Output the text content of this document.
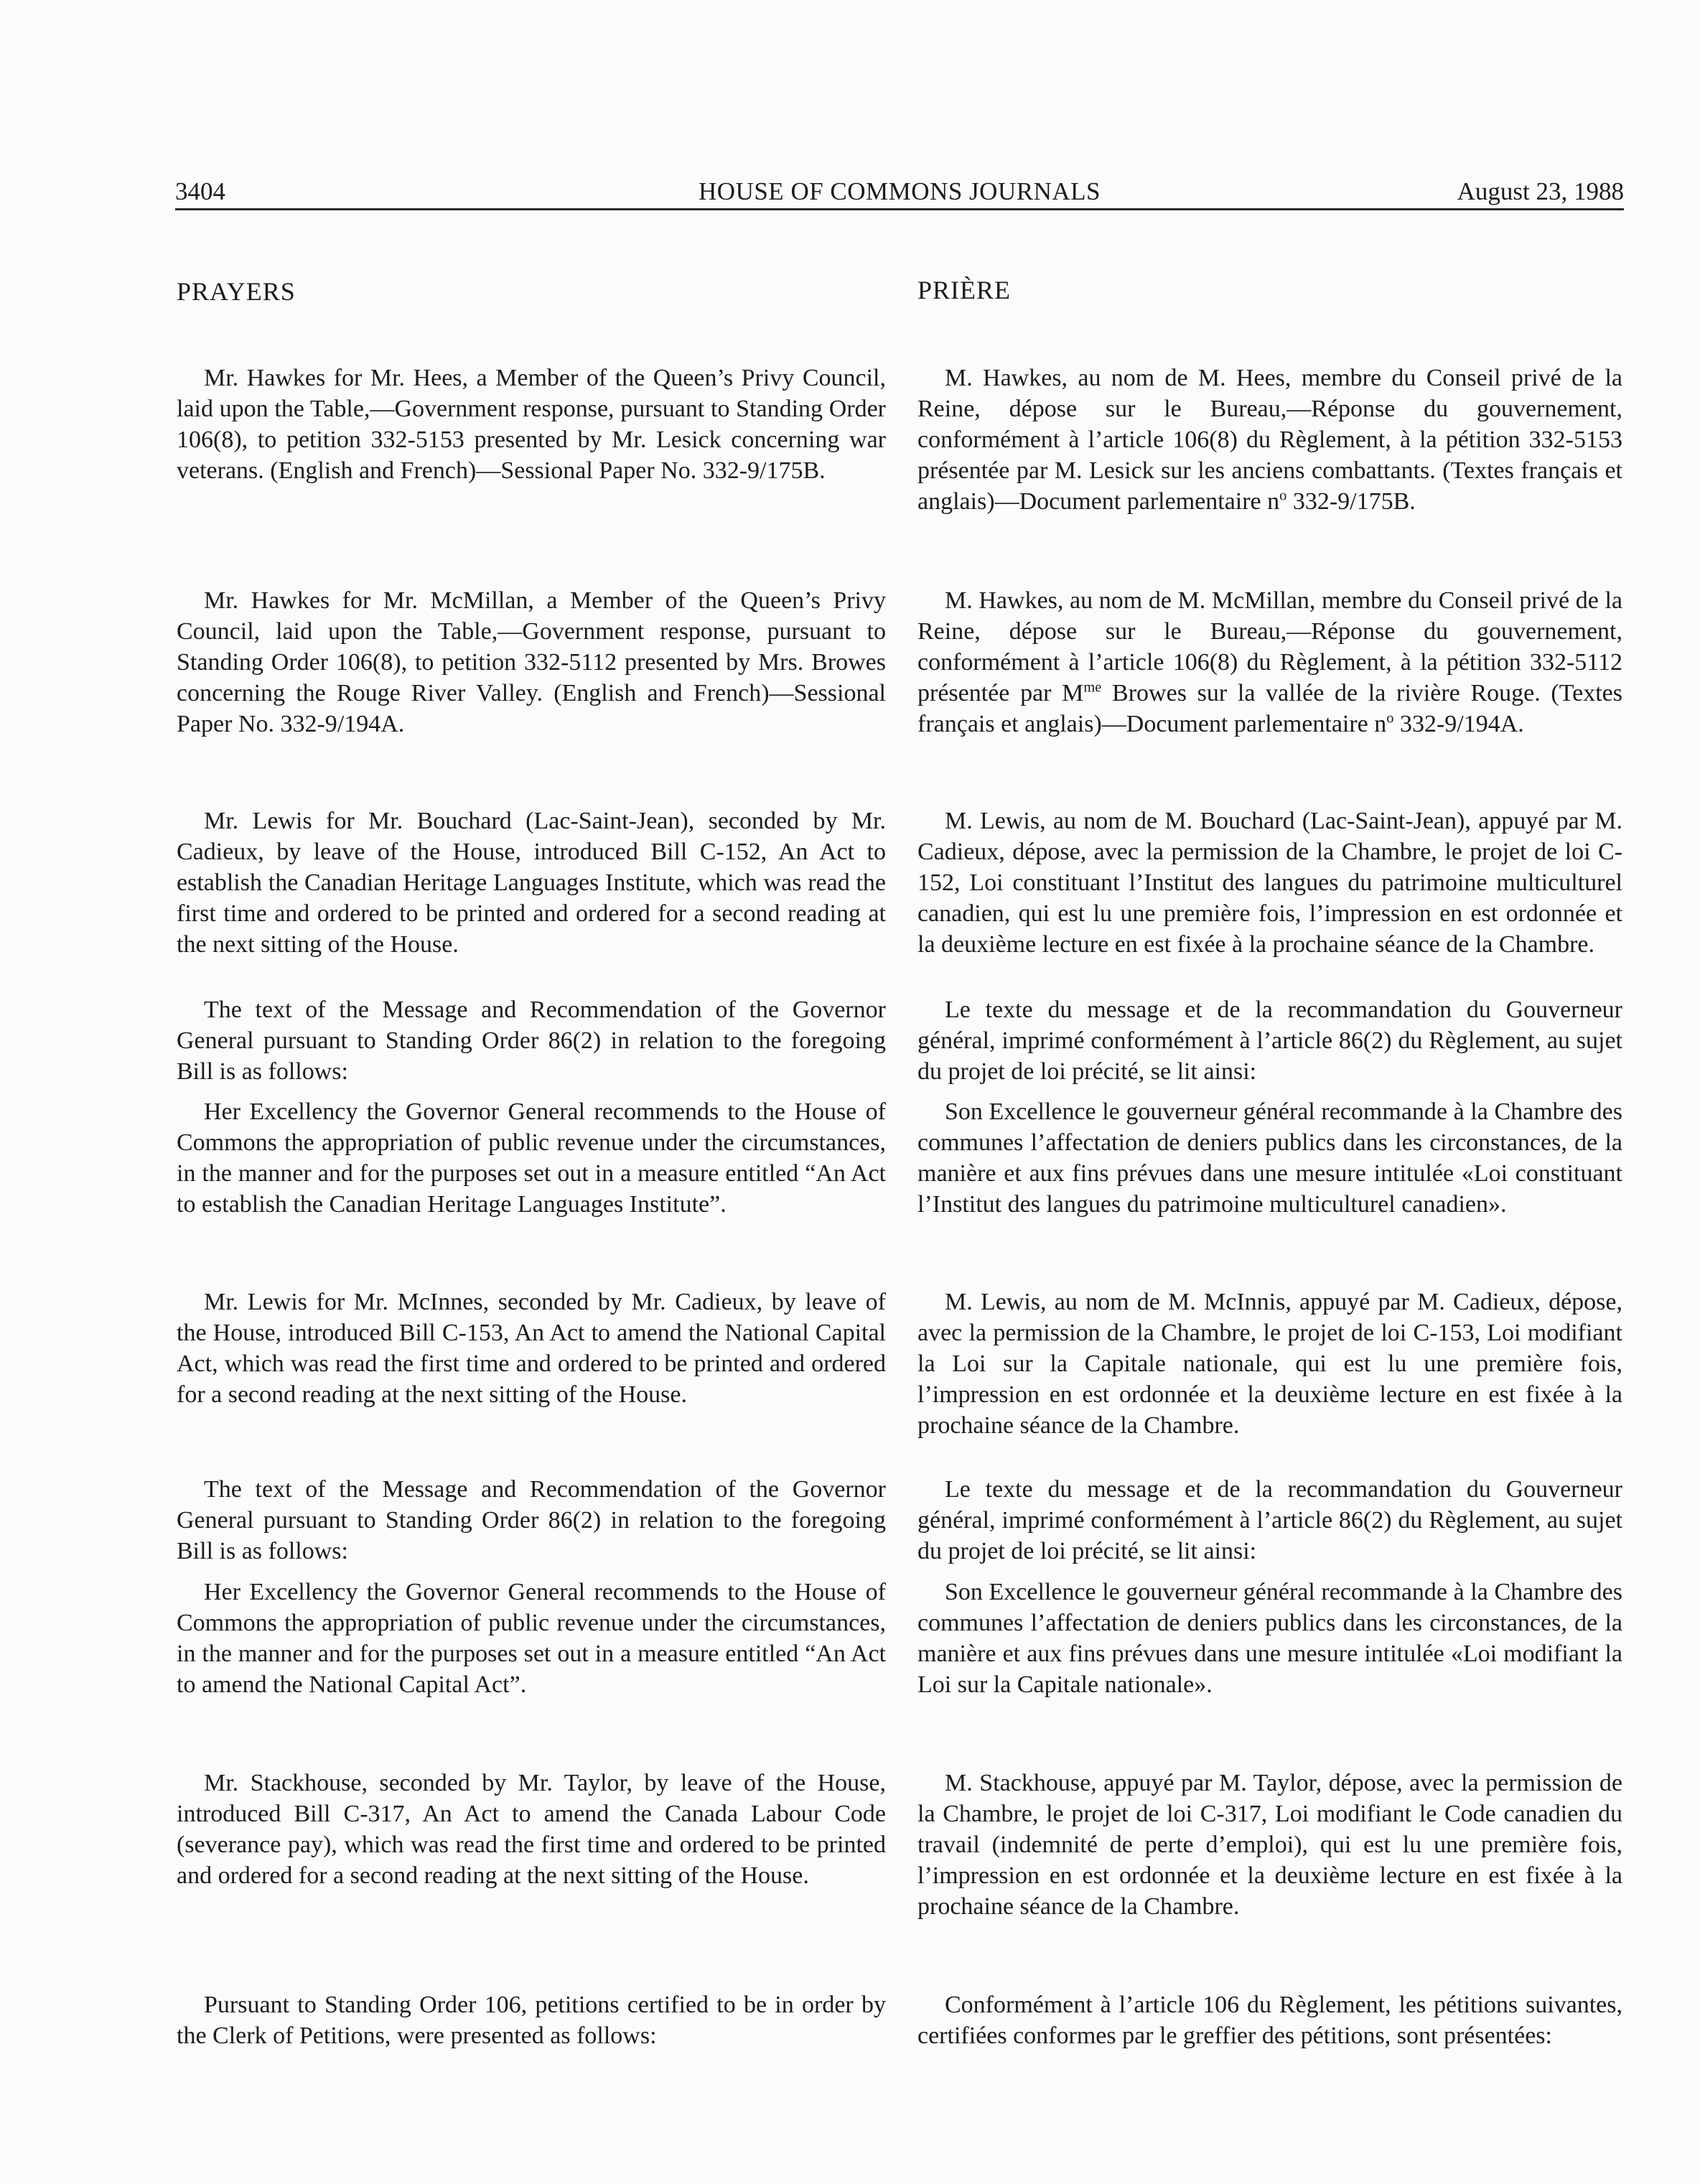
3404	HOUSE OF COMMONS JOURNALS	August 23, 1988
PRAYERS	PRIÈRE

Mr. Hawkes for Mr. Hees, a Member of the Queen’s Privy Council, laid upon the Table,—Government response, pursuant to Standing Order 106(8), to petition 332-5153 presented by Mr. Lesick concerning war veterans. (English and French)—Sessional Paper No. 332-9/175B.

Mr. Hawkes for Mr. McMillan, a Member of the Queen’s Privy Council, laid upon the Table,—Government response, pursuant to Standing Order 106(8), to petition 332-5112 presented by Mrs. Browes concerning the Rouge River Valley. (English and French)—Sessional Paper No. 332-9/194A.

Mr. Lewis for Mr. Bouchard (Lac-Saint-Jean), seconded by Mr. Cadieux, by leave of the House, introduced Bill C-152, An Act to establish the Canadian Heritage Languages Institute, which was read the first time and ordered to be printed and ordered for a second reading at the next sitting of the House.

The text of the Message and Recommendation of the Governor General pursuant to Standing Order 86(2) in relation to the foregoing Bill is as follows:

Her Excellency the Governor General recommends to the House of Commons the appropriation of public revenue under the circumstances, in the manner and for the purposes set out in a measure entitled “An Act to establish the Canadian Heritage Languages Institute”.

Mr. Lewis for Mr. McInnes, seconded by Mr. Cadieux, by leave of the House, introduced Bill C-153, An Act to amend the National Capital Act, which was read the first time and ordered to be printed and ordered for a second reading at the next sitting of the House.

The text of the Message and Recommendation of the Governor General pursuant to Standing Order 86(2) in relation to the foregoing Bill is as follows:

Her Excellency the Governor General recommends to the House of Commons the appropriation of public revenue under the circumstances, in the manner and for the purposes set out in a measure entitled “An Act to amend the National Capital Act”.

Mr. Stackhouse, seconded by Mr. Taylor, by leave of the House, introduced Bill C-317, An Act to amend the Canada Labour Code (severance pay), which was read the first time and ordered to be printed and ordered for a second reading at the next sitting of the House.

Pursuant to Standing Order 106, petitions certified to be in order by the Clerk of Petitions, were presented as follows:

M. Hawkes, au nom de M. Hees, membre du Conseil privé de la Reine, dépose sur le Bureau,—Réponse du gouvernement, conformément à l’article 106(8) du Règlement, à la pétition 332-5153 présentée par M. Lesick sur les anciens combattants. (Textes français et anglais)—Document parlementaire $n^o$ 332-9/175B.

M. Hawkes, au nom de M. McMillan, membre du Conseil privé de la Reine, dépose sur le Bureau,—Réponse du gouvernement, conformément à l’article 106(8) du Règlement, à la pétition 332-5112 présentée par $M^{me}$ Browes sur la vallée de la rivière Rouge. (Textes français et anglais)—Document parlementaire $n^o$ 332-9/194A.

M. Lewis, au nom de M. Bouchard (Lac-Saint-Jean), appuyé par M. Cadieux, dépose, avec la permission de la Chambre, le projet de loi C-152, Loi constituant l’Institut des langues du patrimoine multiculturel canadien, qui est lu une première fois, l’impression en est ordonnée et la deuxième lecture en est fixée à la prochaine séance de la Chambre.

Le texte du message et de la recommandation du Gouverneur général, imprimé conformément à l’article 86(2) du Règlement, au sujet du projet de loi précité, se lit ainsi:

Son Excellence le gouverneur général recommande à la Chambre des communes l’affectation de deniers publics dans les circonstances, de la manière et aux fins prévues dans une mesure intitulée «Loi constituant l’Institut des langues du patrimoine multiculturel canadien».

M. Lewis, au nom de M. McInnis, appuyé par M. Cadieux, dépose, avec la permission de la Chambre, le projet de loi C-153, Loi modifiant la Loi sur la Capitale nationale, qui est lu une première fois, l’impression en est ordonnée et la deuxième lecture en est fixée à la prochaine séance de la Chambre.

Le texte du message et de la recommandation du Gouverneur général, imprimé conformément à l’article 86(2) du Règlement, au sujet du projet de loi précité, se lit ainsi:

Son Excellence le gouverneur général recommande à la Chambre des communes l’affectation de deniers publics dans les circonstances, de la manière et aux fins prévues dans une mesure intitulée «Loi modifiant la Loi sur la Capitale nationale».

M. Stackhouse, appuyé par M. Taylor, dépose, avec la permission de la Chambre, le projet de loi C-317, Loi modifiant le Code canadien du travail (indemnité de perte d’emploi), qui est lu une première fois, l’impression en est ordonnée et la deuxième lecture en est fixée à la prochaine séance de la Chambre.

Conformément à l’article 106 du Règlement, les pétitions suivantes, certifiées conformes par le greffier des pétitions, sont présentées:
